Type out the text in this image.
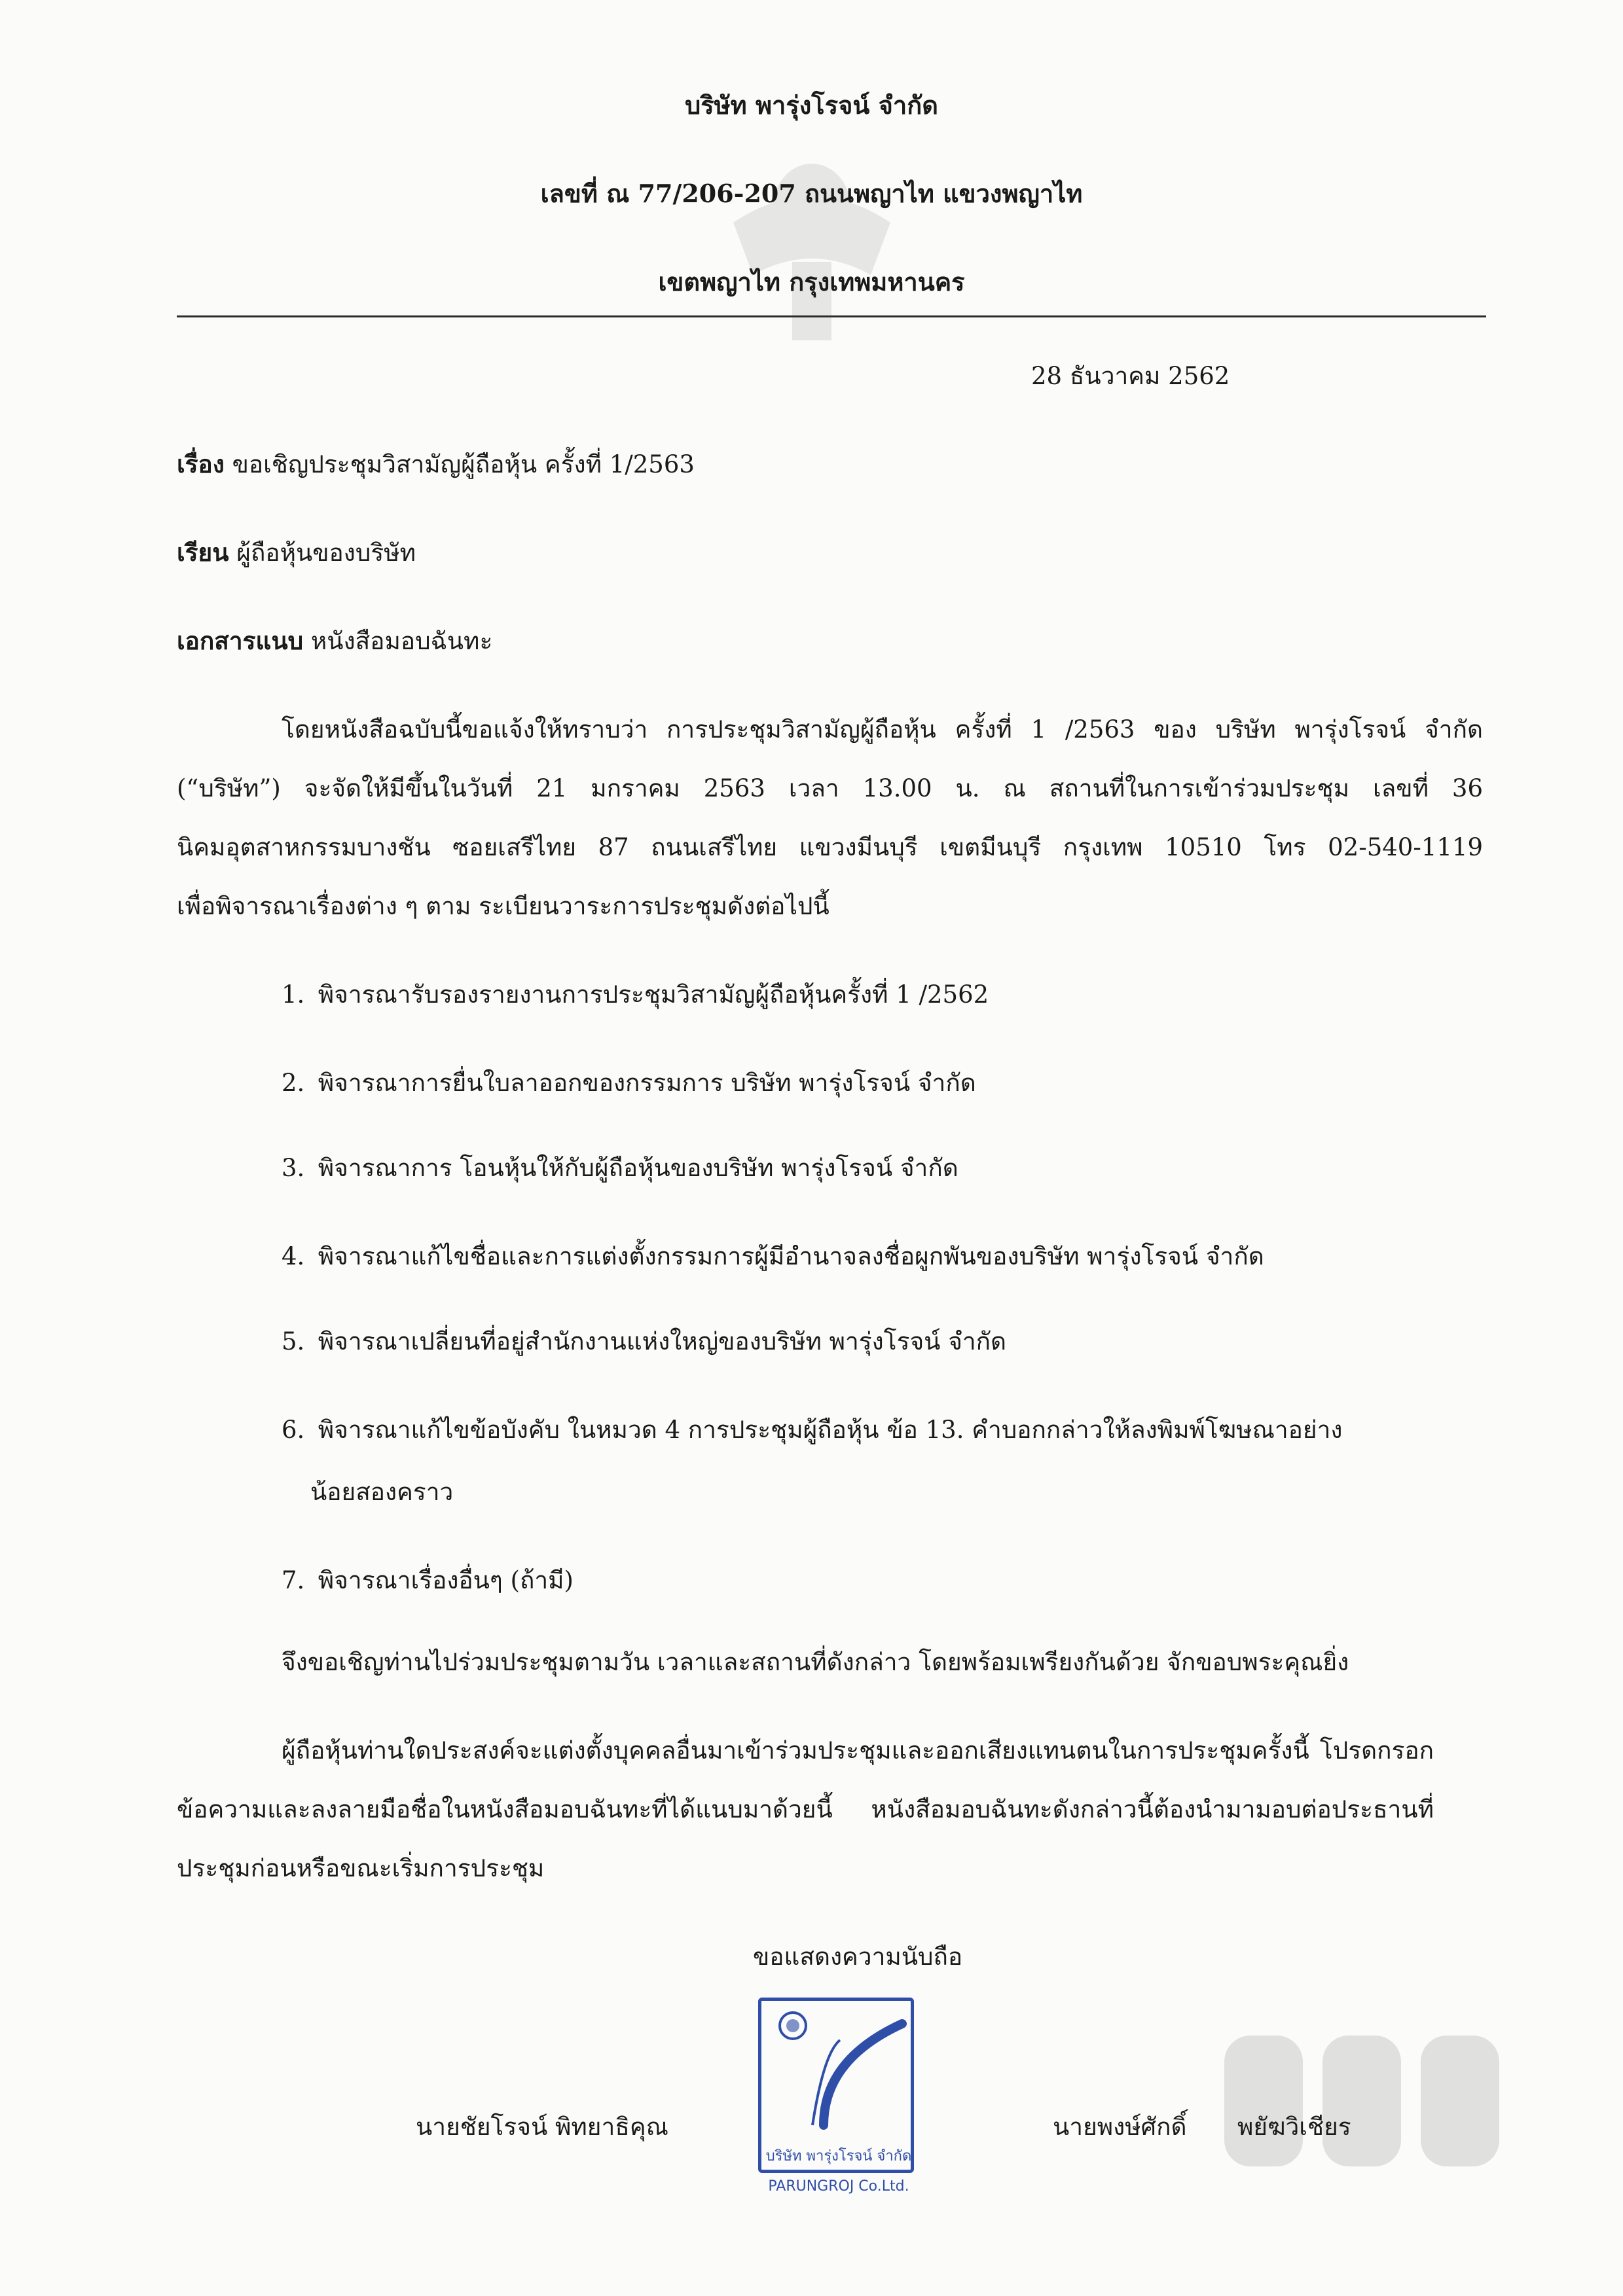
บริษัท พารุ่งโรจน์ จำกัด
เลขที่ ณ 77/206-207 ถนนพญาไท แขวงพญาไท
เขตพญาไท กรุงเทพมหานคร
28 ธันวาคม 2562
เรื่อง ขอเชิญประชุมวิสามัญผู้ถือหุ้น ครั้งที่ 1/2563
เรียน ผู้ถือหุ้นของบริษัท
เอกสารแนบ หนังสือมอบฉันทะ
โดยหนังสือฉบับนี้ขอแจ้งให้ทราบว่า การประชุมวิสามัญผู้ถือหุ้น ครั้งที่ 1 /2563 ของ บริษัท พารุ่งโรจน์ จำกัด
(“บริษัท”) จะจัดให้มีขึ้นในวันที่ 21 มกราคม 2563 เวลา 13.00 น. ณ สถานที่ในการเข้าร่วมประชุม เลขที่ 36
นิคมอุตสาหกรรมบางชัน ซอยเสรีไทย 87 ถนนเสรีไทย แขวงมีนบุรี เขตมีนบุรี กรุงเทพ 10510 โทร 02-540-1119
เพื่อพิจารณาเรื่องต่าง ๆ ตาม ระเบียนวาระการประชุมดังต่อไปนี้
1. พิจารณารับรองรายงานการประชุมวิสามัญผู้ถือหุ้นครั้งที่ 1 /2562
2. พิจารณาการยื่นใบลาออกของกรรมการ บริษัท พารุ่งโรจน์ จำกัด
3. พิจารณาการ โอนหุ้นให้กับผู้ถือหุ้นของบริษัท พารุ่งโรจน์ จำกัด
4. พิจารณาแก้ไขชื่อและการแต่งตั้งกรรมการผู้มีอำนาจลงชื่อผูกพันของบริษัท พารุ่งโรจน์ จำกัด
5. พิจารณาเปลี่ยนที่อยู่สำนักงานแห่งใหญ่ของบริษัท พารุ่งโรจน์ จำกัด
6. พิจารณาแก้ไขข้อบังคับ ในหมวด 4 การประชุมผู้ถือหุ้น ข้อ 13. คำบอกกล่าวให้ลงพิมพ์โฆษณาอย่าง
น้อยสองคราว
7. พิจารณาเรื่องอื่นๆ (ถ้ามี)
จึงขอเชิญท่านไปร่วมประชุมตามวัน เวลาและสถานที่ดังกล่าว โดยพร้อมเพรียงกันด้วย จักขอบพระคุณยิ่ง
ผู้ถือหุ้นท่านใดประสงค์จะแต่งตั้งบุคคลอื่นมาเข้าร่วมประชุมและออกเสียงแทนตนในการประชุมครั้งนี้ โปรดกรอก
ข้อความและลงลายมือชื่อในหนังสือมอบฉันทะที่ได้แนบมาด้วยนี้ หนังสือมอบฉันทะดังกล่าวนี้ต้องนำมามอบต่อประธานที่
ประชุมก่อนหรือขณะเริ่มการประชุม
ขอแสดงความนับถือ
บริษัท พารุ่งโรจน์ จำกัด
PARUNGROJ Co.Ltd.
นายชัยโรจน์ พิทยาธิคุณ	นายพงษ์ศักดิ์ พยัฆวิเชียร
